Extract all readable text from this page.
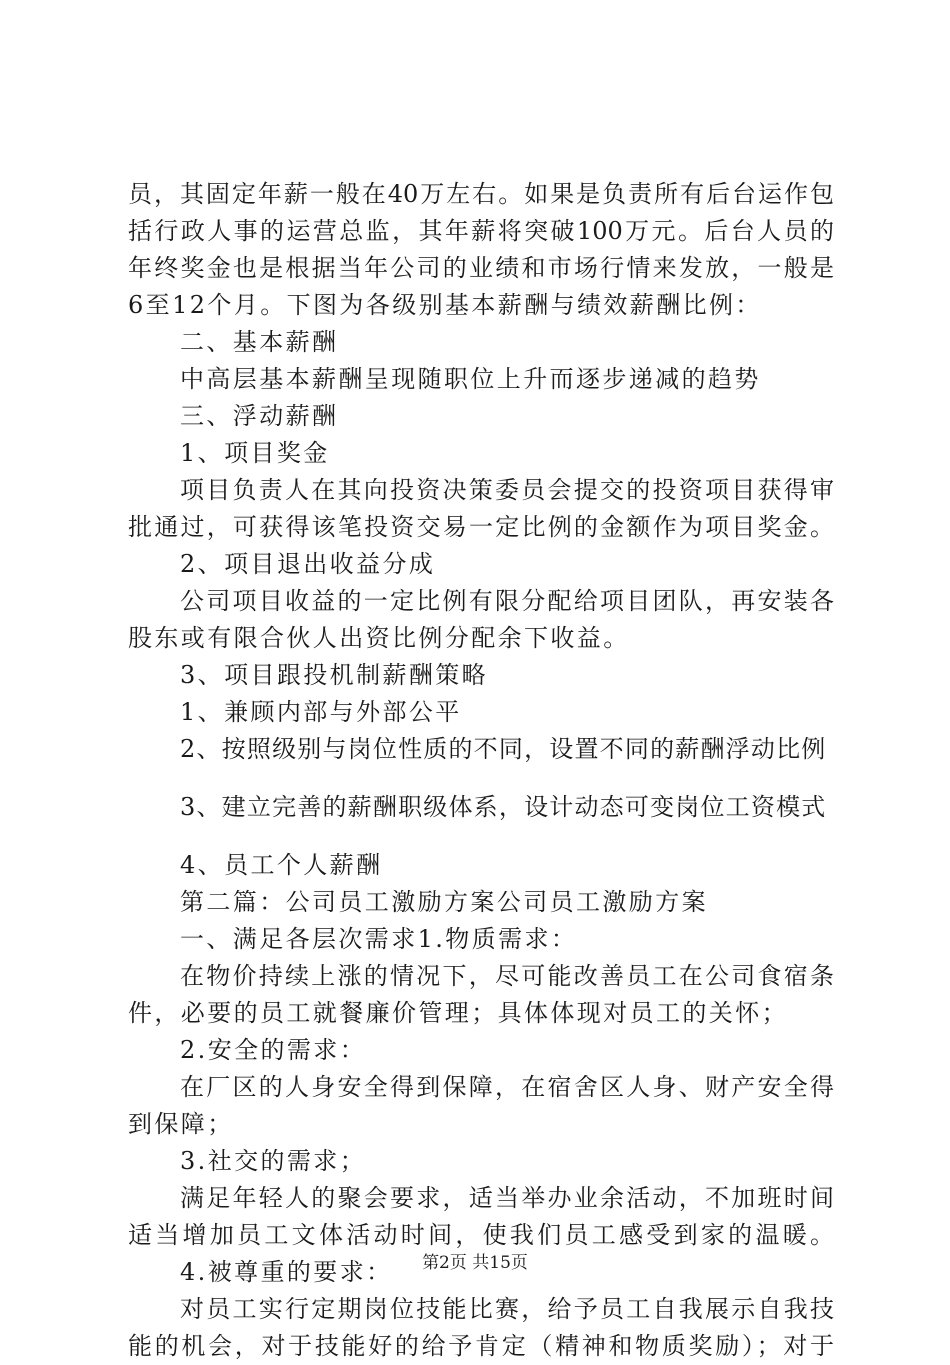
员，其固定年薪一般在40万左右。如果是负责所有后台运作包
括行政人事的运营总监，其年薪将突破100万元。后台人员的
年终奖金也是根据当年公司的业绩和市场行情来发放，一般是
6至12个月。下图为各级别基本薪酬与绩效薪酬比例：
二、基本薪酬
中高层基本薪酬呈现随职位上升而逐步递减的趋势
三、浮动薪酬
1、项目奖金
项目负责人在其向投资决策委员会提交的投资项目获得审
批通过，可获得该笔投资交易一定比例的金额作为项目奖金。
2、项目退出收益分成
公司项目收益的一定比例有限分配给项目团队，再安装各
股东或有限合伙人出资比例分配余下收益。
3、项目跟投机制薪酬策略
1、兼顾内部与外部公平
2、按照级别与岗位性质的不同，设置不同的薪酬浮动比例
3、建立完善的薪酬职级体系，设计动态可变岗位工资模式
4、员工个人薪酬
第二篇：公司员工激励方案公司员工激励方案
一、满足各层次需求1.物质需求：
在物价持续上涨的情况下，尽可能改善员工在公司食宿条
件，必要的员工就餐廉价管理；具体体现对员工的关怀；
2.安全的需求：
在厂区的人身安全得到保障，在宿舍区人身、财产安全得
到保障；
3.社交的需求；
满足年轻人的聚会要求，适当举办业余活动，不加班时间
适当增加员工文体活动时间，使我们员工感受到家的温暖。
4.被尊重的要求：
对员工实行定期岗位技能比赛，给予员工自我展示自我技
能的机会，对于技能好的给予肯定（精神和物质奖励）；对于
第2页 共15页
